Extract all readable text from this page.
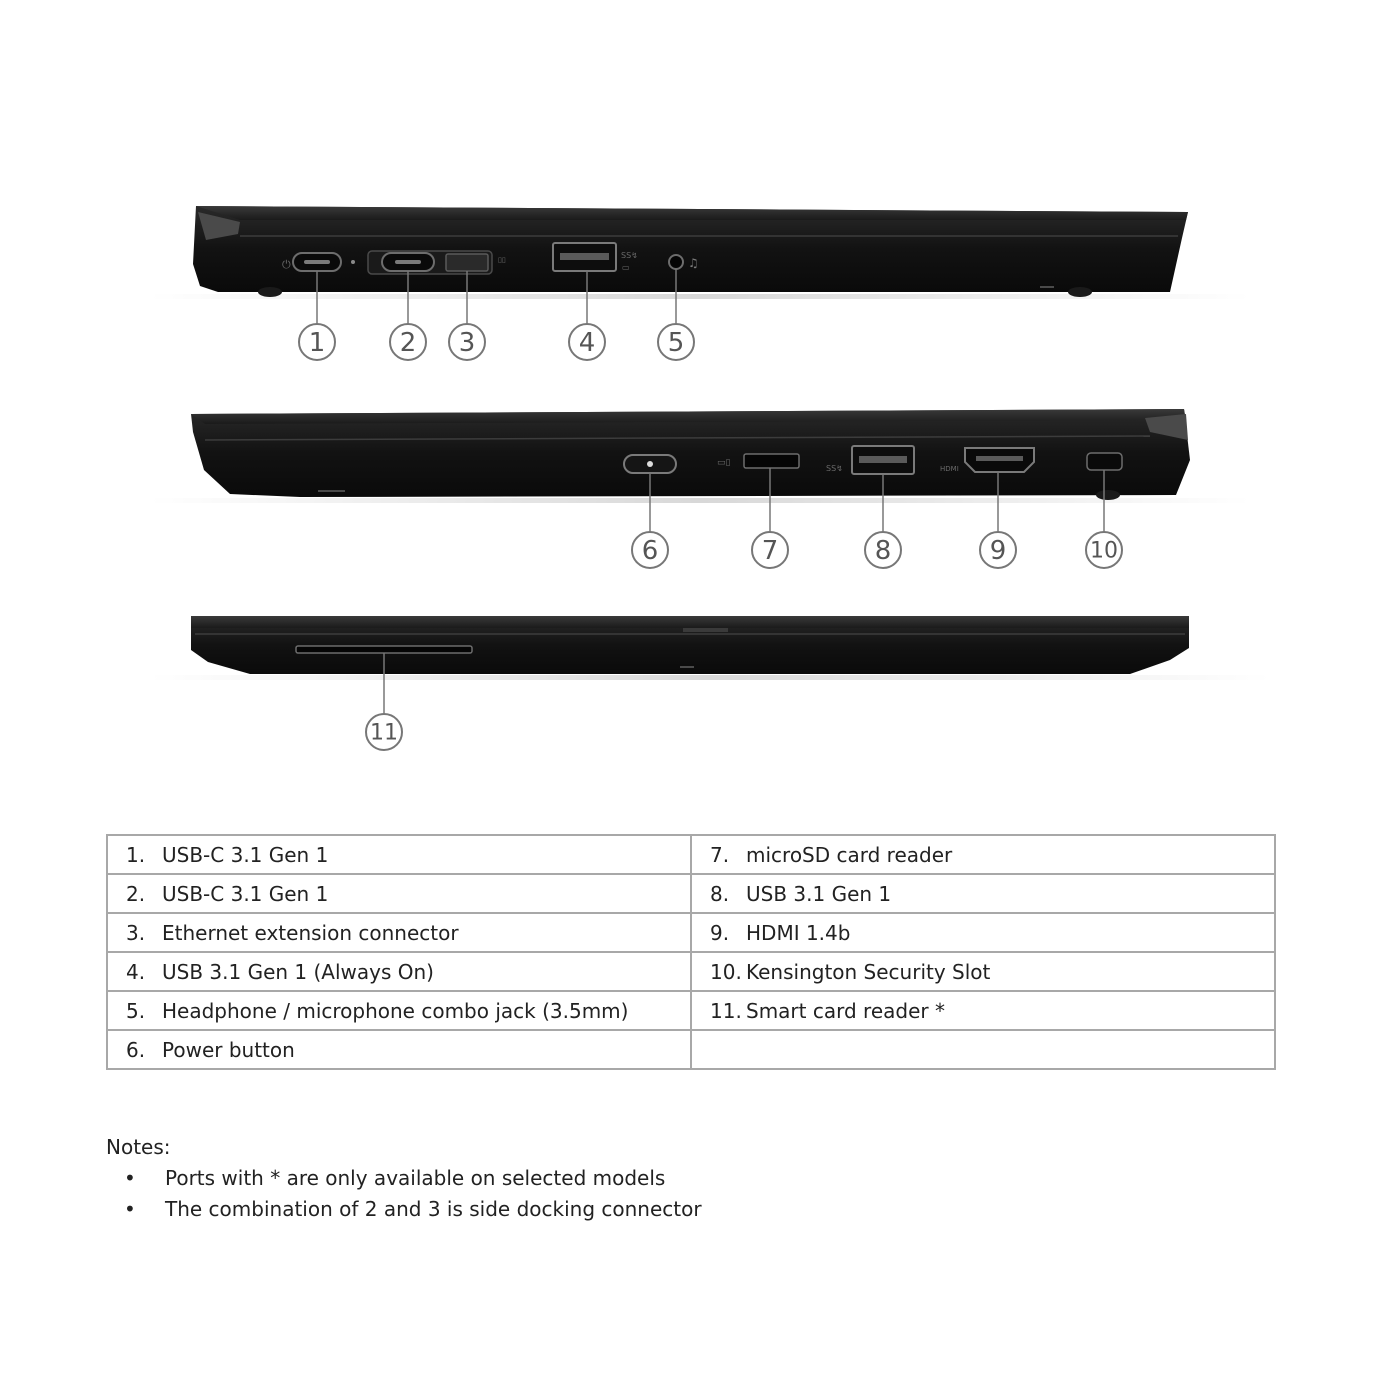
⏻	▯▯	SS↯
▭	♫
▭▯
SS↯	HDMI
1	2 3	4	5
6	7	8	9	10
11
1. USB-C 3.1 Gen 1	7. microSD card reader
2. USB-C 3.1 Gen 1	8. USB 3.1 Gen 1
3. Ethernet extension connector	9. HDMI 1.4b
4. USB 3.1 Gen 1 (Always On)	10. Kensington Security Slot
5. Headphone / microphone combo jack (3.5mm)	11. Smart card reader *
6. Power button	
Notes:
• Ports with * are only available on selected models
• The combination of 2 and 3 is side docking connector
